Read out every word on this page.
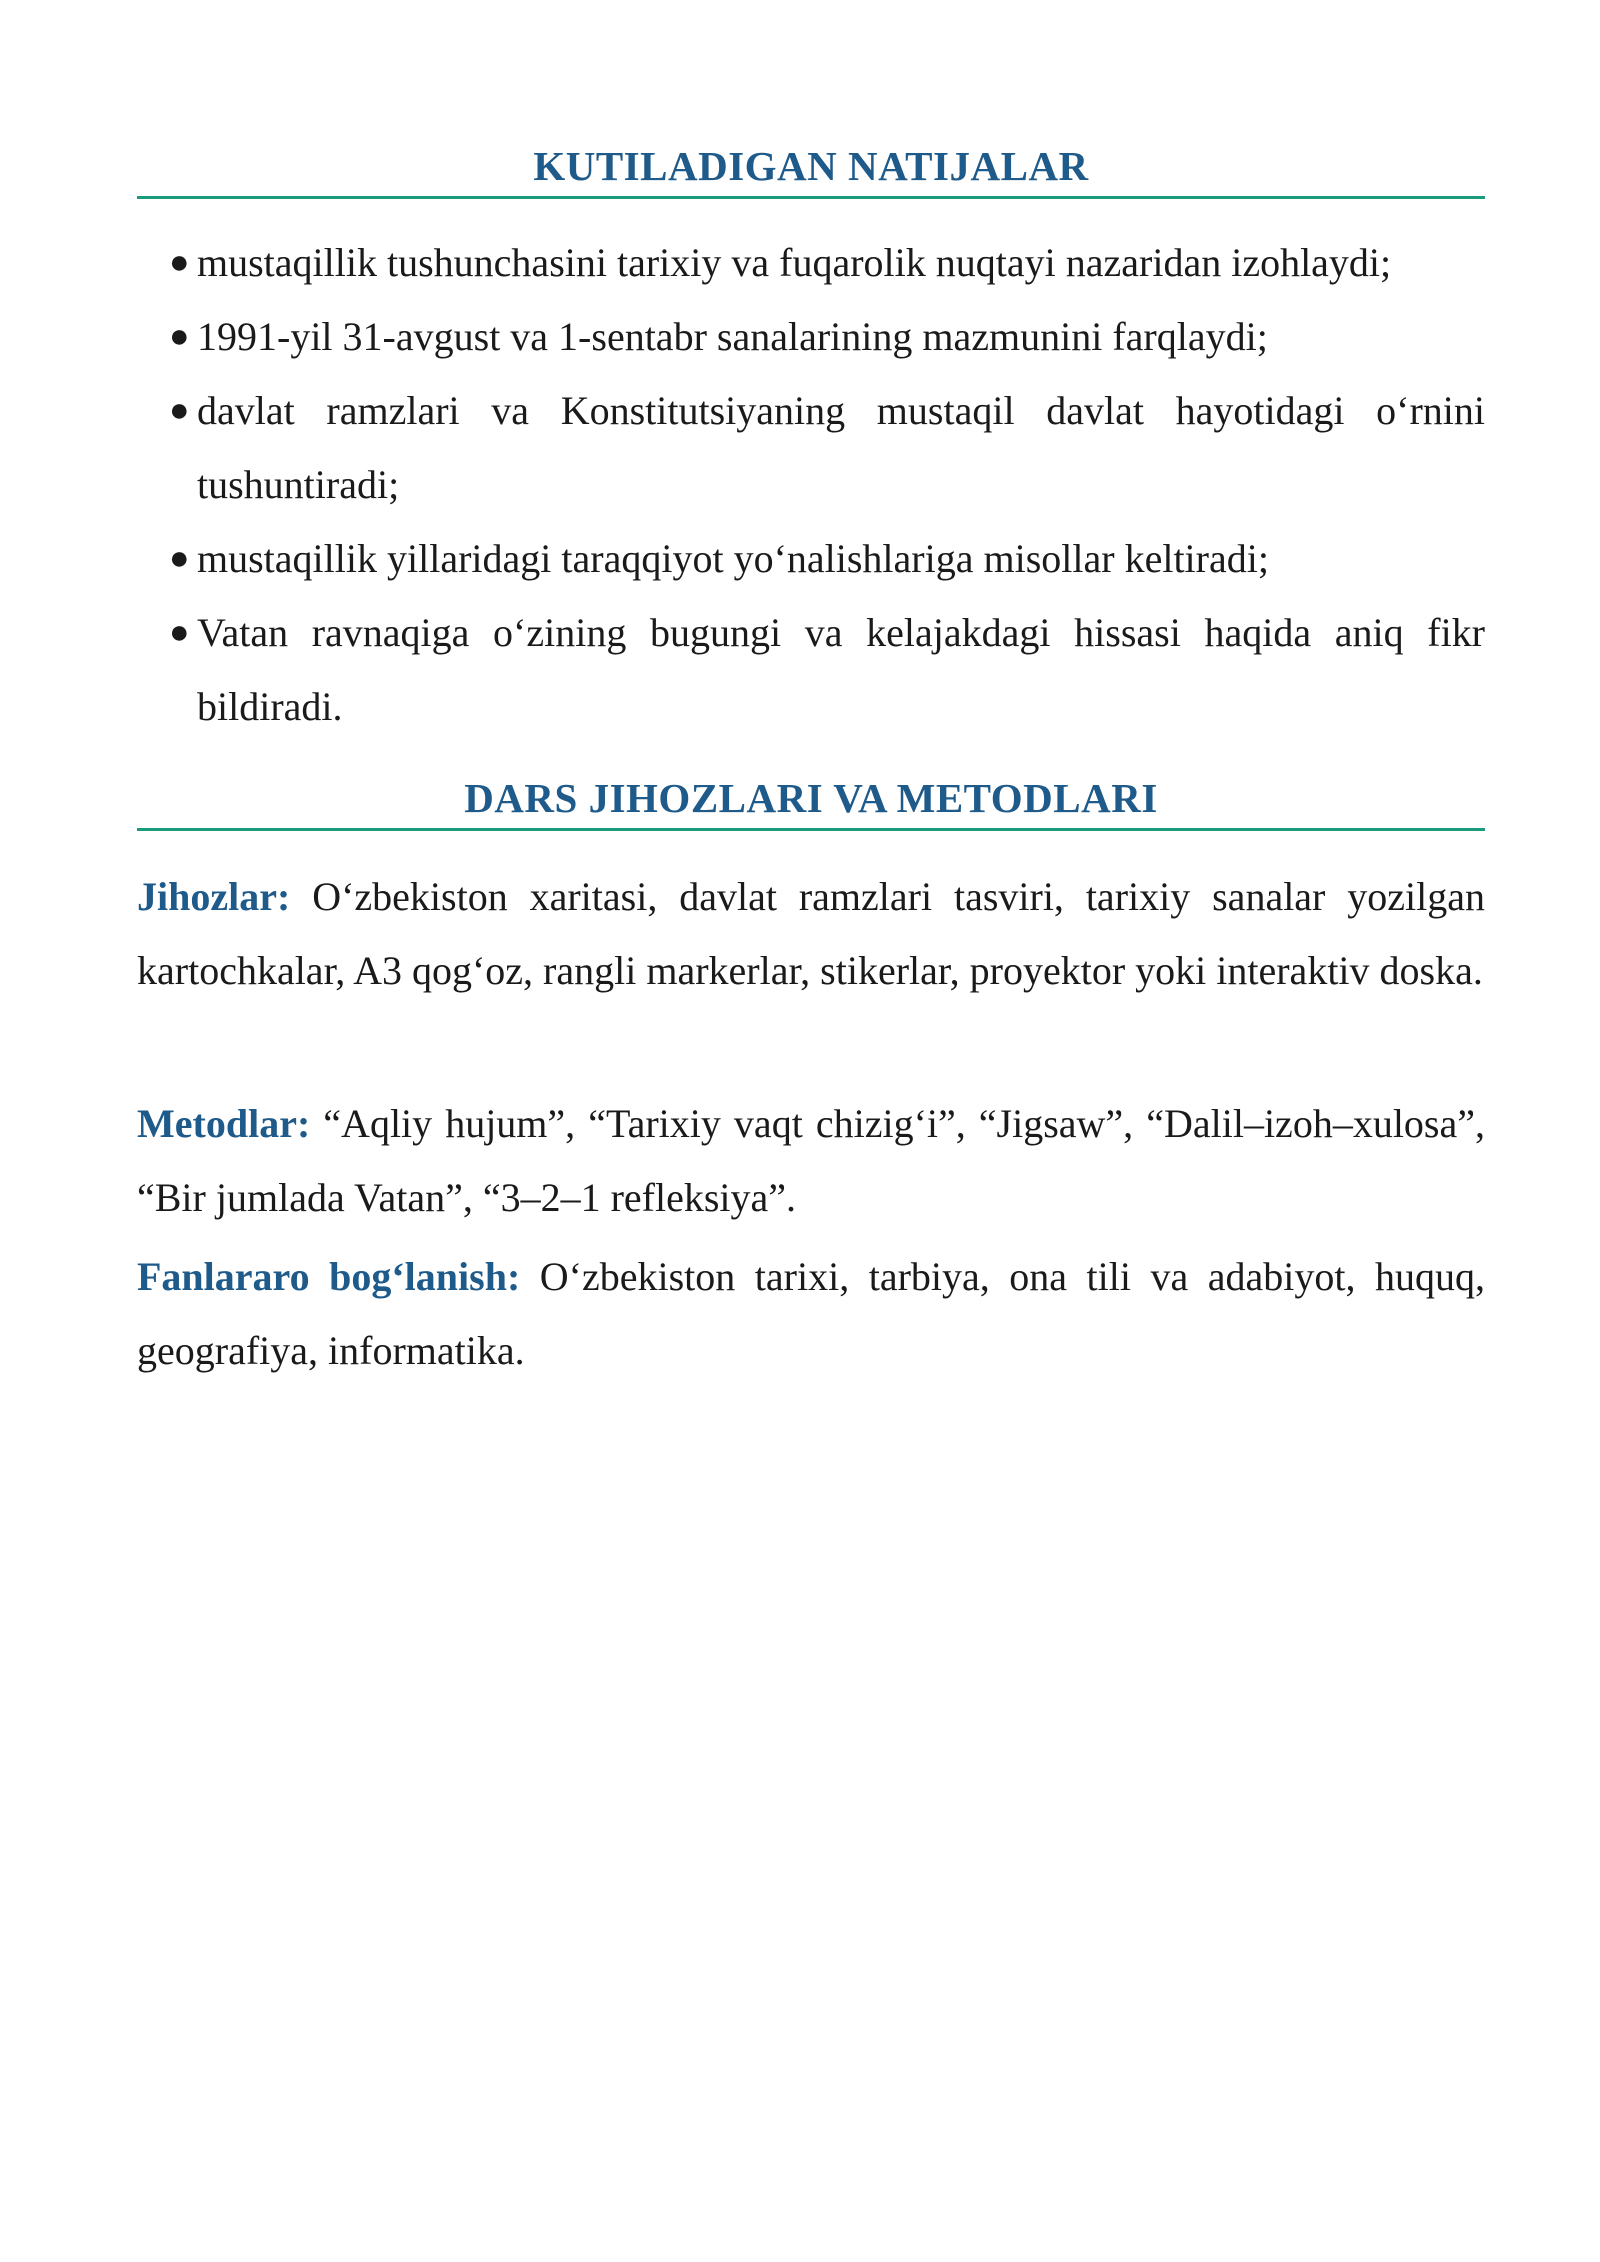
KUTILADIGAN NATIJALAR
● mustaqillik tushunchasini tarixiy va fuqarolik nuqtayi nazaridan izohlaydi;
● 1991-yil 31-avgust va 1-sentabr sanalarining mazmunini farqlaydi;
● davlat ramzlari va Konstitutsiyaning mustaqil davlat hayotidagi o‘rnini tushuntiradi;
● mustaqillik yillaridagi taraqqiyot yo‘nalishlariga misollar keltiradi;
● Vatan ravnaqiga o‘zining bugungi va kelajakdagi hissasi haqida aniq fikr bildiradi.
DARS JIHOZLARI VA METODLARI

Jihozlar: O‘zbekiston xaritasi, davlat ramzlari tasviri, tarixiy sanalar yozilgan kartochkalar, A3 qog‘oz, rangli markerlar, stikerlar, proyektor yoki interaktiv doska.

Metodlar: “Aqliy hujum”, “Tarixiy vaqt chizig‘i”, “Jigsaw”, “Dalil–izoh–xulosa”, “Bir jumlada Vatan”, “3–2–1 refleksiya”.

Fanlararo bog‘lanish: O‘zbekiston tarixi, tarbiya, ona tili va adabiyot, huquq, geografiya, informatika.
